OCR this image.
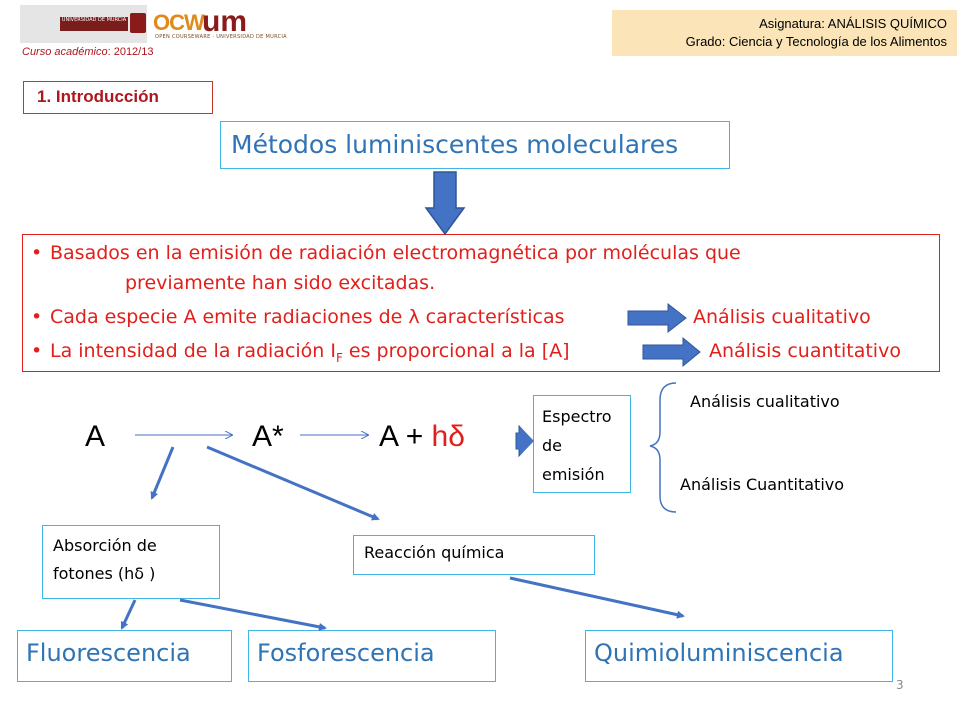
UNIVERSIDAD DE MURCIA OCW
um
OPEN COURSEWARE · UNIVERSIDAD DE MURCIA
Curso académico: 2012/13
Asignatura: ANÁLISIS QUÍMICO
Grado: Ciencia y Tecnología de los Alimentos
1. Introducción
Métodos luminiscentes moleculares
• Basados en la emisión de radiación electromagnética por moléculas que
previamente han sido excitadas.
• Cada especie A emite radiaciones de λ características	Análisis cualitativo
• La intensidad de la radiación $I_F$ es proporcional a la [A]	Análisis cuantitativo
A	A*	A + hδ
Espectro
de
emisión
Análisis cualitativo
Análisis Cuantitativo
Absorción de
fotones (hδ )
Reacción química
Fluorescencia	Fosforescencia	Quimioluminiscencia
3
